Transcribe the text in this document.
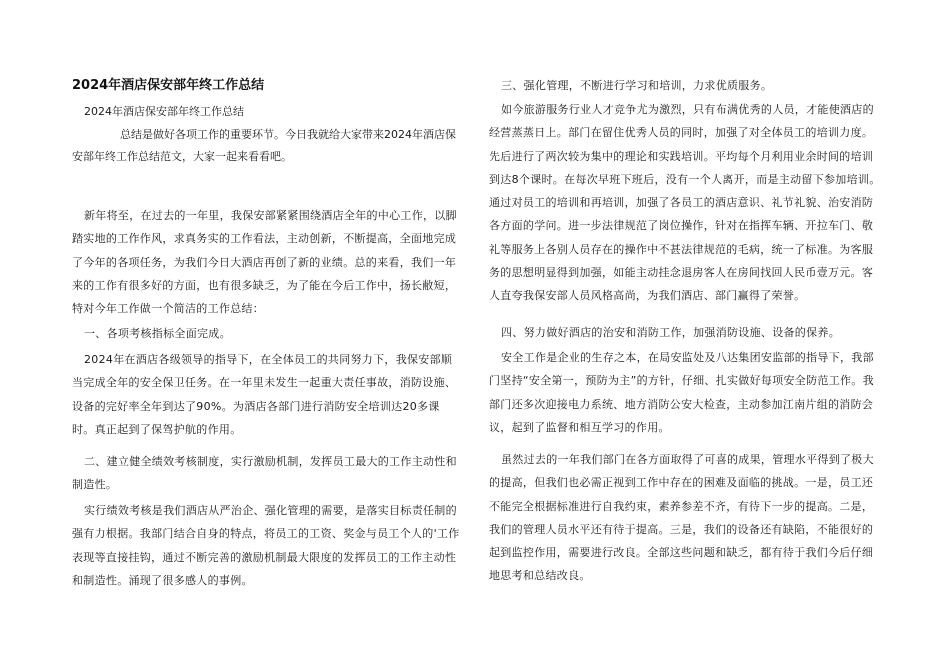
2024年酒店保安部年终工作总结

2024年酒店保安部年终工作总结

总结是做好各项工作的重要环节。今日我就给大家带来2024年酒店保安部年终工作总结范文，大家一起来看看吧。

新年将至，在过去的一年里，我保安部紧紧围绕酒店全年的中心工作，以脚踏实地的工作作风，求真务实的工作看法，主动创新，不断提高，全面地完成了今年的各项任务，为我们今日大酒店再创了新的业绩。总的来看，我们一年来的工作有很多好的方面，也有很多缺乏，为了能在今后工作中，扬长敝短，特对今年工作做一个简洁的工作总结：

一、各项考核指标全面完成。

2024年在酒店各级领导的指导下，在全体员工的共同努力下，我保安部顺当完成全年的安全保卫任务。在一年里未发生一起重大责任事故，消防设施、设备的完好率全年到达了90%。为酒店各部门进行消防安全培训达20多课时。真正起到了保驾护航的作用。

二、建立健全绩效考核制度，实行激励机制，发挥员工最大的工作主动性和制造性。

实行绩效考核是我们酒店从严治企、强化管理的需要，是落实目标责任制的强有力根据。我部门结合自身的特点，将员工的工资、奖金与员工个人的'工作表现等直接挂钩，通过不断完善的激励机制最大限度的发挥员工的工作主动性和制造性。涌现了很多感人的事例。

三、强化管理，不断进行学习和培训，力求优质服务。

如今旅游服务行业人才竞争尤为激烈，只有布满优秀的人员，才能使酒店的经营蒸蒸日上。部门在留住优秀人员的同时，加强了对全体员工的培训力度。先后进行了两次较为集中的理论和实践培训。平均每个月利用业余时间的培训到达8个课时。在每次早班下班后，没有一个人离开，而是主动留下参加培训。通过对员工的培训和再培训，加强了各员工的酒店意识、礼节礼貌、治安消防各方面的学问。进一步法律规范了岗位操作，针对在指挥车辆、开拉车门、敬礼等服务上各别人员存在的操作中不甚法律规范的毛病，统一了标准。为客服务的思想明显得到加强，如能主动挂念退房客人在房间找回人民币壹万元。客人直夸我保安部人员风格高尚，为我们酒店、部门赢得了荣誉。

四、努力做好酒店的治安和消防工作，加强消防设施、设备的保养。

安全工作是企业的生存之本，在局安监处及八达集团安监部的指导下，我部门坚持“安全第一，预防为主”的方针，仔细、扎实做好每项安全防范工作。我部门还多次迎接电力系统、地方消防公安大检查，主动参加江南片组的消防会议，起到了监督和相互学习的作用。

虽然过去的一年我们部门在各方面取得了可喜的成果，管理水平得到了极大的提高，但我们也必需正视到工作中存在的困难及面临的挑战。一是，员工还不能完全根据标准进行自我约束，素养参差不齐，有待下一步的提高。二是，我们的管理人员水平还有待于提高。三是，我们的设备还有缺陷，不能很好的起到监控作用，需要进行改良。全部这些问题和缺乏，都有待于我们今后仔细地思考和总结改良。
